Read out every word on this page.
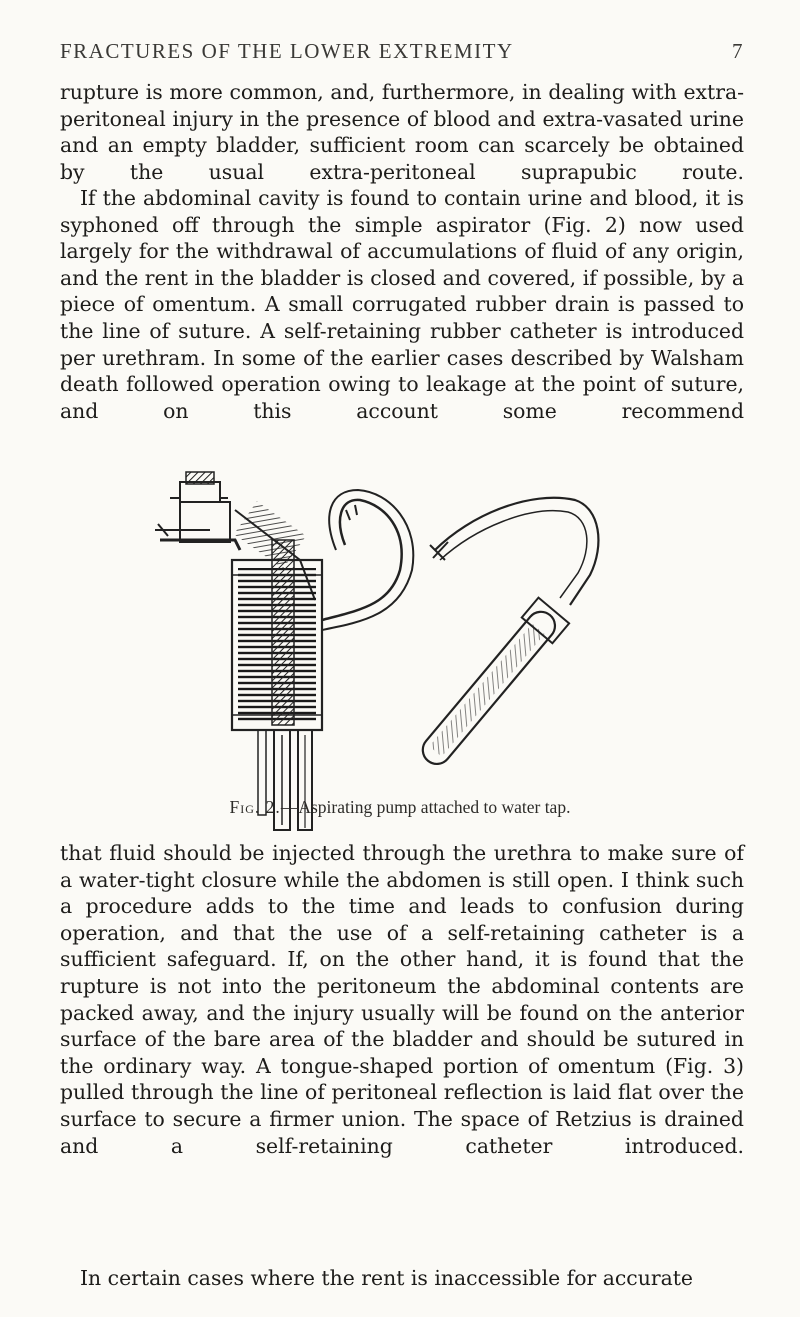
FRACTURES OF THE LOWER EXTREMITY	7

rupture is more common, and, furthermore, in dealing with extra-peritoneal injury in the presence of blood and extra-vasated urine and an empty bladder, sufficient room can scarcely be obtained by the usual extra-peritoneal suprapubic route.

If the abdominal cavity is found to contain urine and blood, it is syphoned off through the simple aspirator (Fig. 2) now used largely for the withdrawal of accumulations of fluid of any origin, and the rent in the bladder is closed and covered, if possible, by a piece of omentum. A small corrugated rubber drain is passed to the line of suture. A self-retaining rubber catheter is introduced per urethram. In some of the earlier cases described by Walsham death followed operation owing to leakage at the point of suture, and on this account some recommend

Fig. 2.—Aspirating pump attached to water tap.

that fluid should be injected through the urethra to make sure of a water-tight closure while the abdomen is still open. I think such a procedure adds to the time and leads to confusion during operation, and that the use of a self-retaining catheter is a sufficient safeguard. If, on the other hand, it is found that the rupture is not into the peritoneum the abdominal contents are packed away, and the injury usually will be found on the anterior surface of the bare area of the bladder and should be sutured in the ordinary way. A tongue-shaped portion of omentum (Fig. 3) pulled through the line of peritoneal reflection is laid flat over the surface to secure a firmer union. The space of Retzius is drained and a self-retaining catheter introduced.

In certain cases where the rent is inaccessible for accurate
